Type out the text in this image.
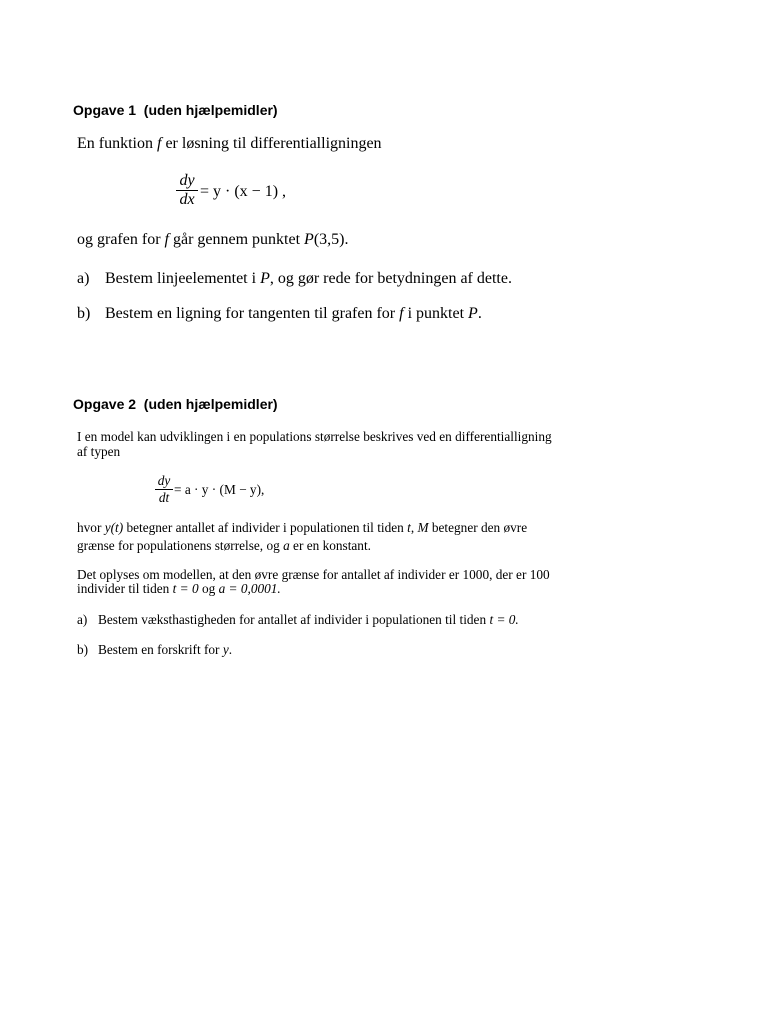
Opgave 1  (uden hjælpemidler)
En funktion f er løsning til differentialligningen
dy
dx = y · (x − 1) ,
og grafen for f går gennem punktet P(3,5).
a) Bestem linjeelementet i P, og gør rede for betydningen af dette.
b) Bestem en ligning for tangenten til grafen for f i punktet P.
Opgave 2  (uden hjælpemidler)
I en model kan udviklingen i en populations størrelse beskrives ved en differentialligning
af typen
dy
dt
= a · y · (M − y),
hvor y(t) betegner antallet af individer i populationen til tiden t, M betegner den øvre
grænse for populationens størrelse, og a er en konstant.
Det oplyses om modellen, at den øvre grænse for antallet af individer er 1000, der er 100
individer til tiden t = 0 og a = 0,0001.
a) Bestem væksthastigheden for antallet af individer i populationen til tiden t = 0.
b) Bestem en forskrift for y.
